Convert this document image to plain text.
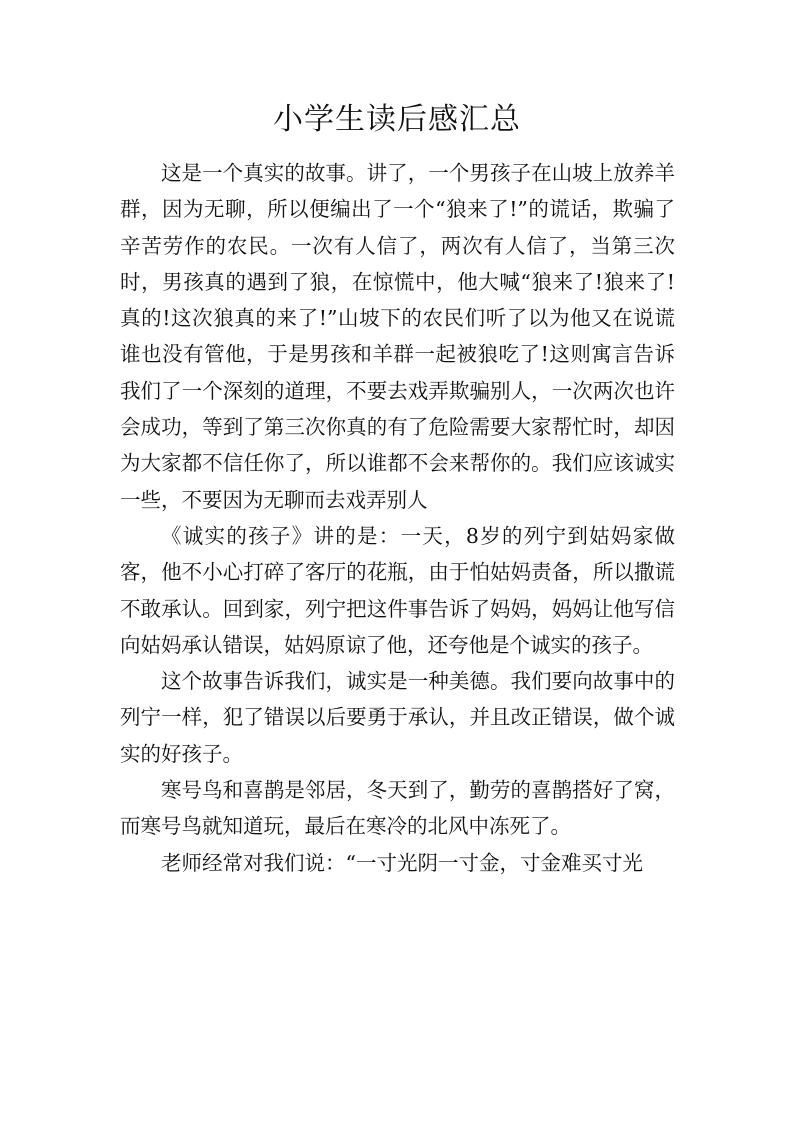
小学生读后感汇总

这是一个真实的故事。讲了，一个男孩子在山坡上放养羊群，因为无聊，所以便编出了一个“狼来了!”的谎话，欺骗了辛苦劳作的农民。一次有人信了，两次有人信了，当第三次时，男孩真的遇到了狼，在惊慌中，他大喊“狼来了!狼来了!真的!这次狼真的来了!”山坡下的农民们听了以为他又在说谎谁也没有管他，于是男孩和羊群一起被狼吃了!这则寓言告诉我们了一个深刻的道理，不要去戏弄欺骗别人，一次两次也许会成功，等到了第三次你真的有了危险需要大家帮忙时，却因为大家都不信任你了，所以谁都不会来帮你的。我们应该诚实一些，不要因为无聊而去戏弄别人

《诚实的孩子》讲的是：一天，8岁的列宁到姑妈家做客，他不小心打碎了客厅的花瓶，由于怕姑妈责备，所以撒谎不敢承认。回到家，列宁把这件事告诉了妈妈，妈妈让他写信向姑妈承认错误，姑妈原谅了他，还夸他是个诚实的孩子。

这个故事告诉我们，诚实是一种美德。我们要向故事中的列宁一样，犯了错误以后要勇于承认，并且改正错误，做个诚实的好孩子。

寒号鸟和喜鹊是邻居，冬天到了，勤劳的喜鹊搭好了窝，而寒号鸟就知道玩，最后在寒冷的北风中冻死了。

老师经常对我们说：“一寸光阴一寸金，寸金难买寸光
